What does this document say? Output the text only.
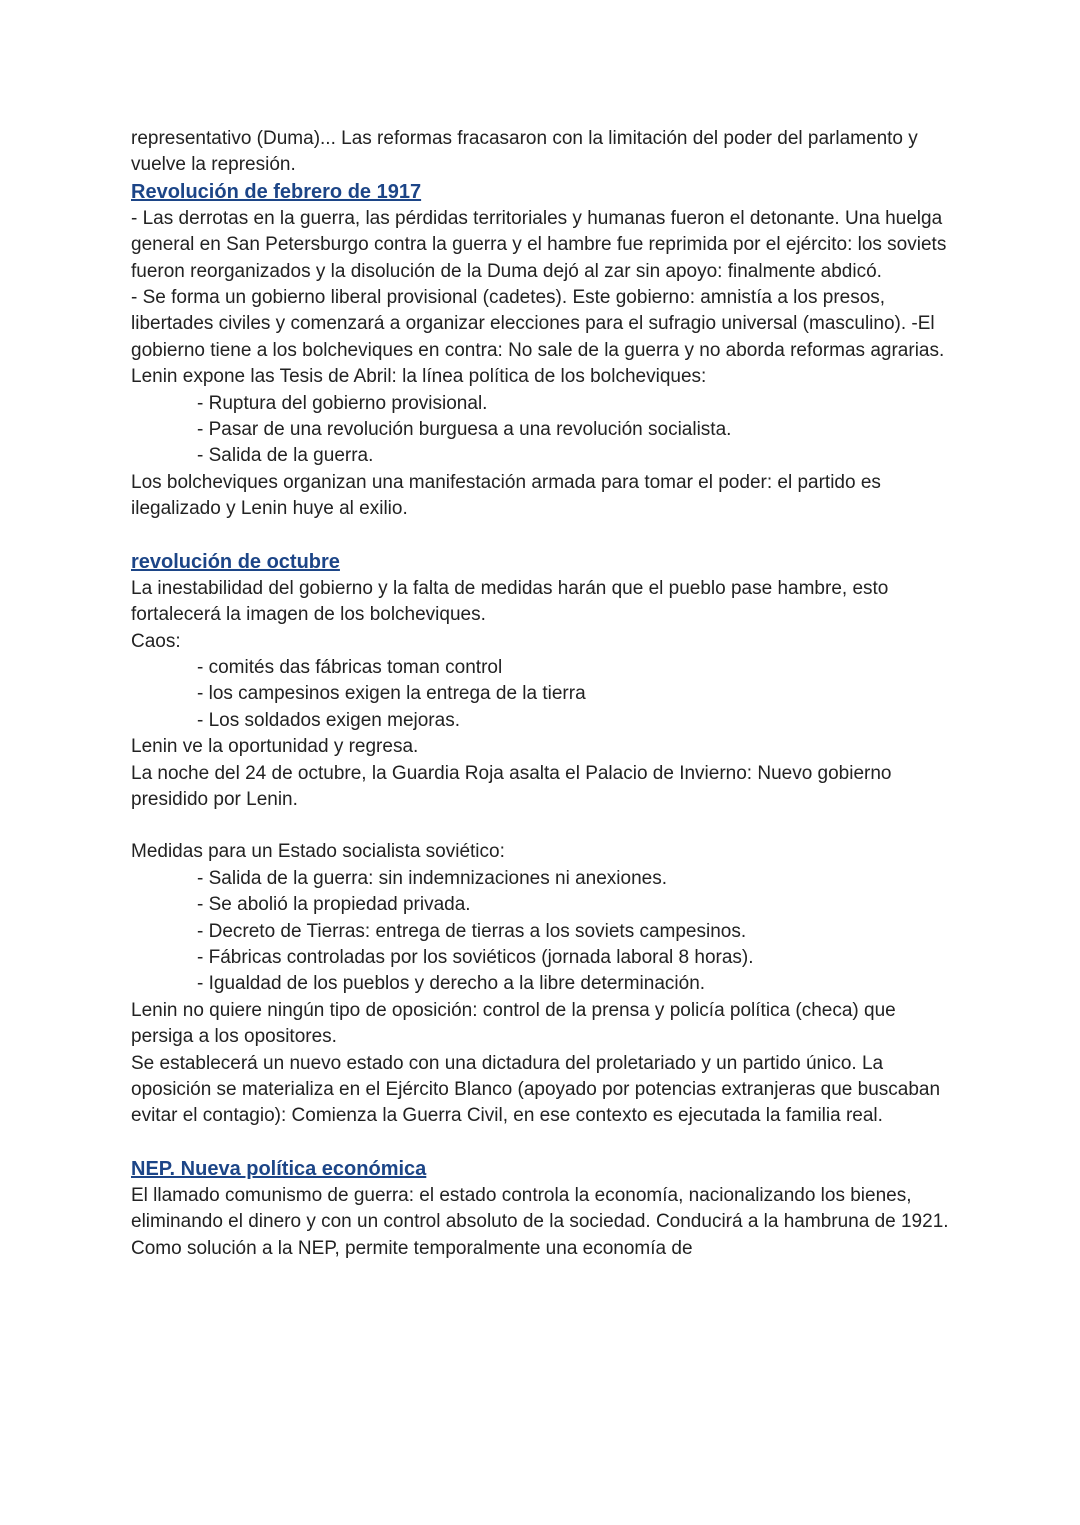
representativo (Duma)... Las reformas fracasaron con la limitación del poder del parlamento y vuelve la represión.

Revolución de febrero de 1917

- Las derrotas en la guerra, las pérdidas territoriales y humanas fueron el detonante. Una huelga general en San Petersburgo contra la guerra y el hambre fue reprimida por el ejército: los soviets fueron reorganizados y la disolución de la Duma dejó al zar sin apoyo: finalmente abdicó.

- Se forma un gobierno liberal provisional (cadetes). Este gobierno: amnistía a los presos, libertades civiles y comenzará a organizar elecciones para el sufragio universal (masculino). -El gobierno tiene a los bolcheviques en contra: No sale de la guerra y no aborda reformas agrarias.

Lenin expone las Tesis de Abril: la línea política de los bolcheviques:

- Ruptura del gobierno provisional.
- Pasar de una revolución burguesa a una revolución socialista.
- Salida de la guerra.

Los bolcheviques organizan una manifestación armada para tomar el poder: el partido es ilegalizado y Lenin huye al exilio.

revolución de octubre

La inestabilidad del gobierno y la falta de medidas harán que el pueblo pase hambre, esto fortalecerá la imagen de los bolcheviques.

Caos:

- comités das fábricas toman control
- los campesinos exigen la entrega de la tierra
- Los soldados exigen mejoras.

Lenin ve la oportunidad y regresa.

La noche del 24 de octubre, la Guardia Roja asalta el Palacio de Invierno: Nuevo gobierno presidido por Lenin.

Medidas para un Estado socialista soviético:

- Salida de la guerra: sin indemnizaciones ni anexiones.
- Se abolió la propiedad privada.
- Decreto de Tierras: entrega de tierras a los soviets campesinos.
- Fábricas controladas por los soviéticos (jornada laboral 8 horas).
- Igualdad de los pueblos y derecho a la libre determinación.

Lenin no quiere ningún tipo de oposición: control de la prensa y policía política (checa) que persiga a los opositores.

Se establecerá un nuevo estado con una dictadura del proletariado y un partido único. La oposición se materializa en el Ejército Blanco (apoyado por potencias extranjeras que buscaban evitar el contagio): Comienza la Guerra Civil, en ese contexto es ejecutada la familia real.

NEP. Nueva política económica

El llamado comunismo de guerra: el estado controla la economía, nacionalizando los bienes, eliminando el dinero y con un control absoluto de la sociedad. Conducirá a la hambruna de 1921. Como solución a la NEP, permite temporalmente una economía de
